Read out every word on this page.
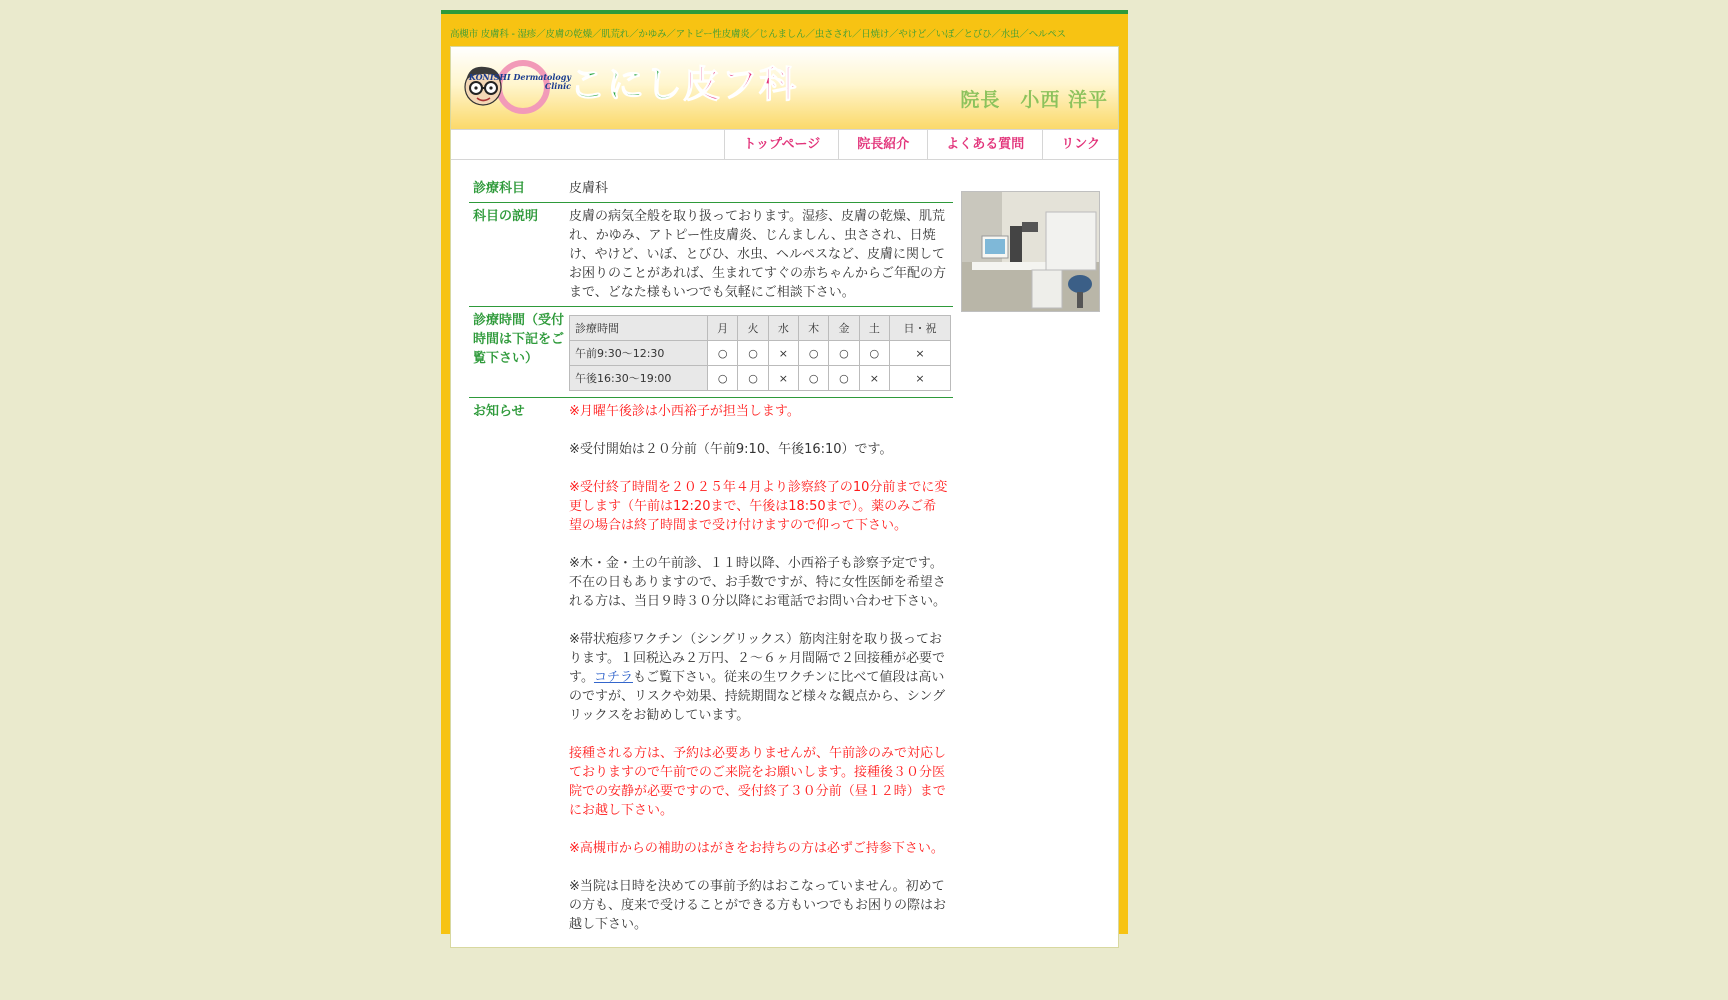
高槻市 皮膚科 - 湿疹／皮膚の乾燥／肌荒れ／かゆみ／アトピー性皮膚炎／じんましん／虫さされ／日焼け／やけど／いぼ／とびひ／水虫／ヘルペス
KONISHI Dermatology Clinic
こにし皮フ科	院長　小西 洋平
トップページ	院長紹介	よくある質問	リンク
診療科目	皮膚科
科目の説明	皮膚の病気全般を取り扱っております。湿疹、皮膚の乾燥、肌荒れ、かゆみ、アトピー性皮膚炎、じんましん、虫さされ、日焼け、やけど、いぼ、とびひ、水虫、ヘルペスなど、皮膚に関してお困りのことがあれば、生まれてすぐの赤ちゃんからご年配の方まで、どなた様もいつでも気軽にご相談下さい。
診療時間（受付時間は下記をご覧下さい）
診療時間	月	火	水	木	金	土	日・祝
午前9:30～12:30	○	○	×	○	○	○	×
午後16:30～19:00	○	○	×	○	○	×	×
お知らせ	※月曜午後診は小西裕子が担当します。

※受付開始は２０分前（午前9:10、午後16:10）です。

※受付終了時間を２０２５年４月より診察終了の10分前までに変更します（午前は12:20まで、午後は18:50まで）。薬のみご希望の場合は終了時間まで受け付けますので仰って下さい。

※木・金・土の午前診、１１時以降、小西裕子も診察予定です。不在の日もありますので、お手数ですが、特に女性医師を希望される方は、当日９時３０分以降にお電話でお問い合わせ下さい。

※帯状疱疹ワクチン（シングリックス）筋肉注射を取り扱っております。１回税込み２万円、２～６ヶ月間隔で２回接種が必要です。コチラもご覧下さい。従来の生ワクチンに比べて値段は高いのですが、リスクや効果、持続期間など様々な観点から、シングリックスをお勧めしています。

接種される方は、予約は必要ありませんが、午前診のみで対応しておりますので午前でのご来院をお願いします。接種後３０分医院での安静が必要ですので、受付終了３０分前（昼１２時）までにお越し下さい。

※高槻市からの補助のはがきをお持ちの方は必ずご持参下さい。

※当院は日時を決めての事前予約はおこなっていません。初めての方も、度来で受けることができる方もいつでもお困りの際はお越し下さい。
